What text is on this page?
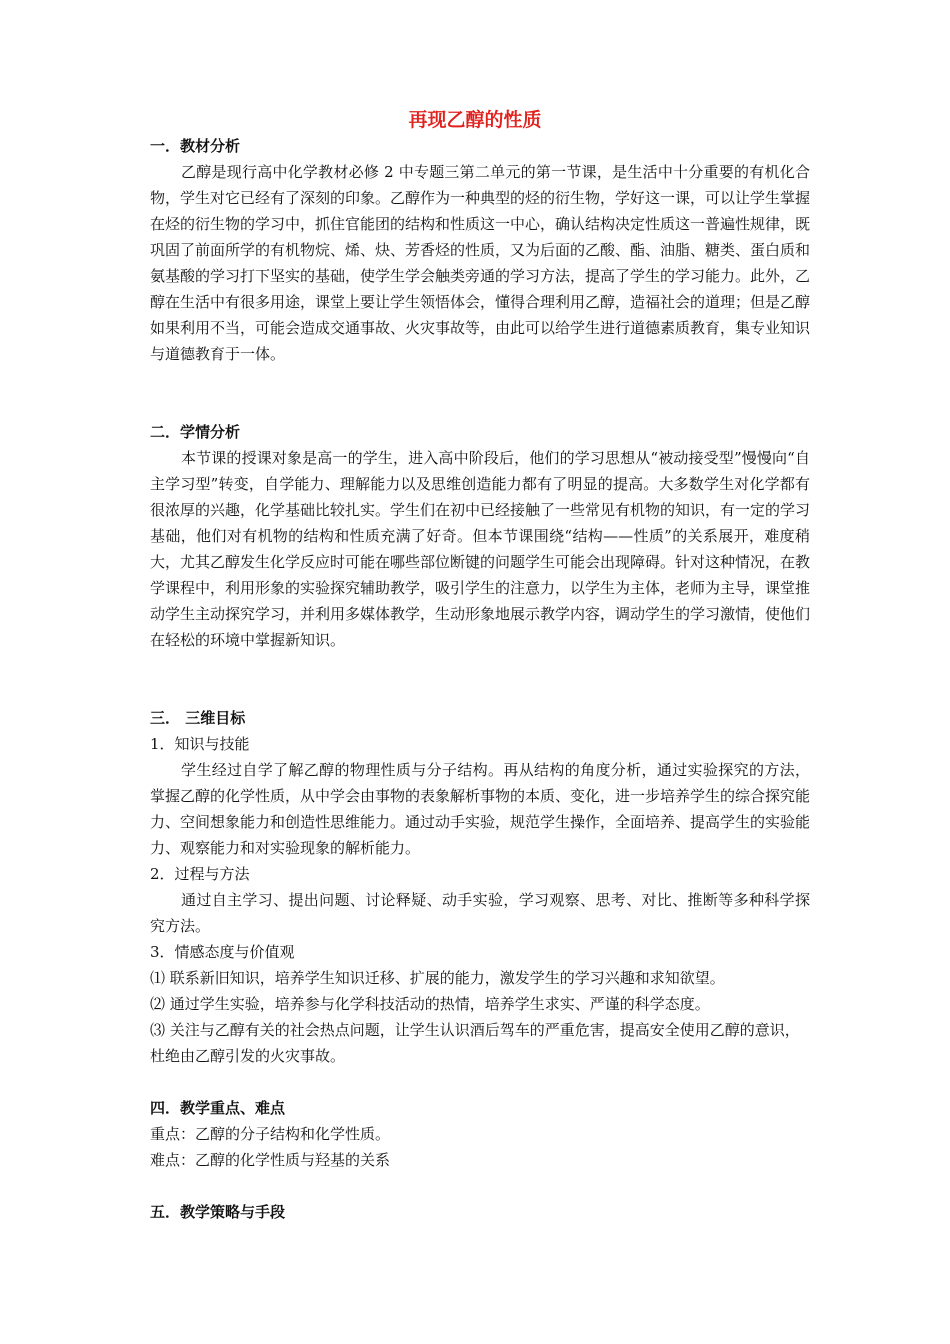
再现乙醇的性质

一．教材分析

乙醇是现行高中化学教材必修 2 中专题三第二单元的第一节课，是生活中十分重要的有机化合物，学生对它已经有了深刻的印象。乙醇作为一种典型的烃的衍生物，学好这一课，可以让学生掌握在烃的衍生物的学习中，抓住官能团的结构和性质这一中心，确认结构决定性质这一普遍性规律，既巩固了前面所学的有机物烷、烯、炔、芳香烃的性质，又为后面的乙酸、酯、油脂、糖类、蛋白质和氨基酸的学习打下坚实的基础，使学生学会触类旁通的学习方法，提高了学生的学习能力。此外，乙醇在生活中有很多用途，课堂上要让学生领悟体会，懂得合理利用乙醇，造福社会的道理；但是乙醇如果利用不当，可能会造成交通事故、火灾事故等，由此可以给学生进行道德素质教育，集专业知识与道德教育于一体。

二．学情分析

本节课的授课对象是高一的学生，进入高中阶段后，他们的学习思想从“被动接受型”慢慢向“自主学习型”转变，自学能力、理解能力以及思维创造能力都有了明显的提高。大多数学生对化学都有很浓厚的兴趣，化学基础比较扎实。学生们在初中已经接触了一些常见有机物的知识，有一定的学习基础，他们对有机物的结构和性质充满了好奇。但本节课围绕“结构——性质”的关系展开，难度稍大，尤其乙醇发生化学反应时可能在哪些部位断键的问题学生可能会出现障碍。针对这种情况，在教学课程中，利用形象的实验探究辅助教学，吸引学生的注意力，以学生为主体，老师为主导，课堂推动学生主动探究学习，并利用多媒体教学，生动形象地展示教学内容，调动学生的学习激情，使他们在轻松的环境中掌握新知识。

三． 三维目标

1．知识与技能

学生经过自学了解乙醇的物理性质与分子结构。再从结构的角度分析，通过实验探究的方法，掌握乙醇的化学性质，从中学会由事物的表象解析事物的本质、变化，进一步培养学生的综合探究能力、空间想象能力和创造性思维能力。通过动手实验，规范学生操作，全面培养、提高学生的实验能力、观察能力和对实验现象的解析能力。

2．过程与方法

通过自主学习、提出问题、讨论释疑、动手实验，学习观察、思考、对比、推断等多种科学探究方法。

3．情感态度与价值观

⑴ 联系新旧知识，培养学生知识迁移、扩展的能力，激发学生的学习兴趣和求知欲望。

⑵ 通过学生实验，培养参与化学科技活动的热情，培养学生求实、严谨的科学态度。

⑶ 关注与乙醇有关的社会热点问题，让学生认识酒后驾车的严重危害，提高安全使用乙醇的意识，杜绝由乙醇引发的火灾事故。

四．教学重点、难点

重点：乙醇的分子结构和化学性质。

难点：乙醇的化学性质与羟基的关系

五．教学策略与手段
